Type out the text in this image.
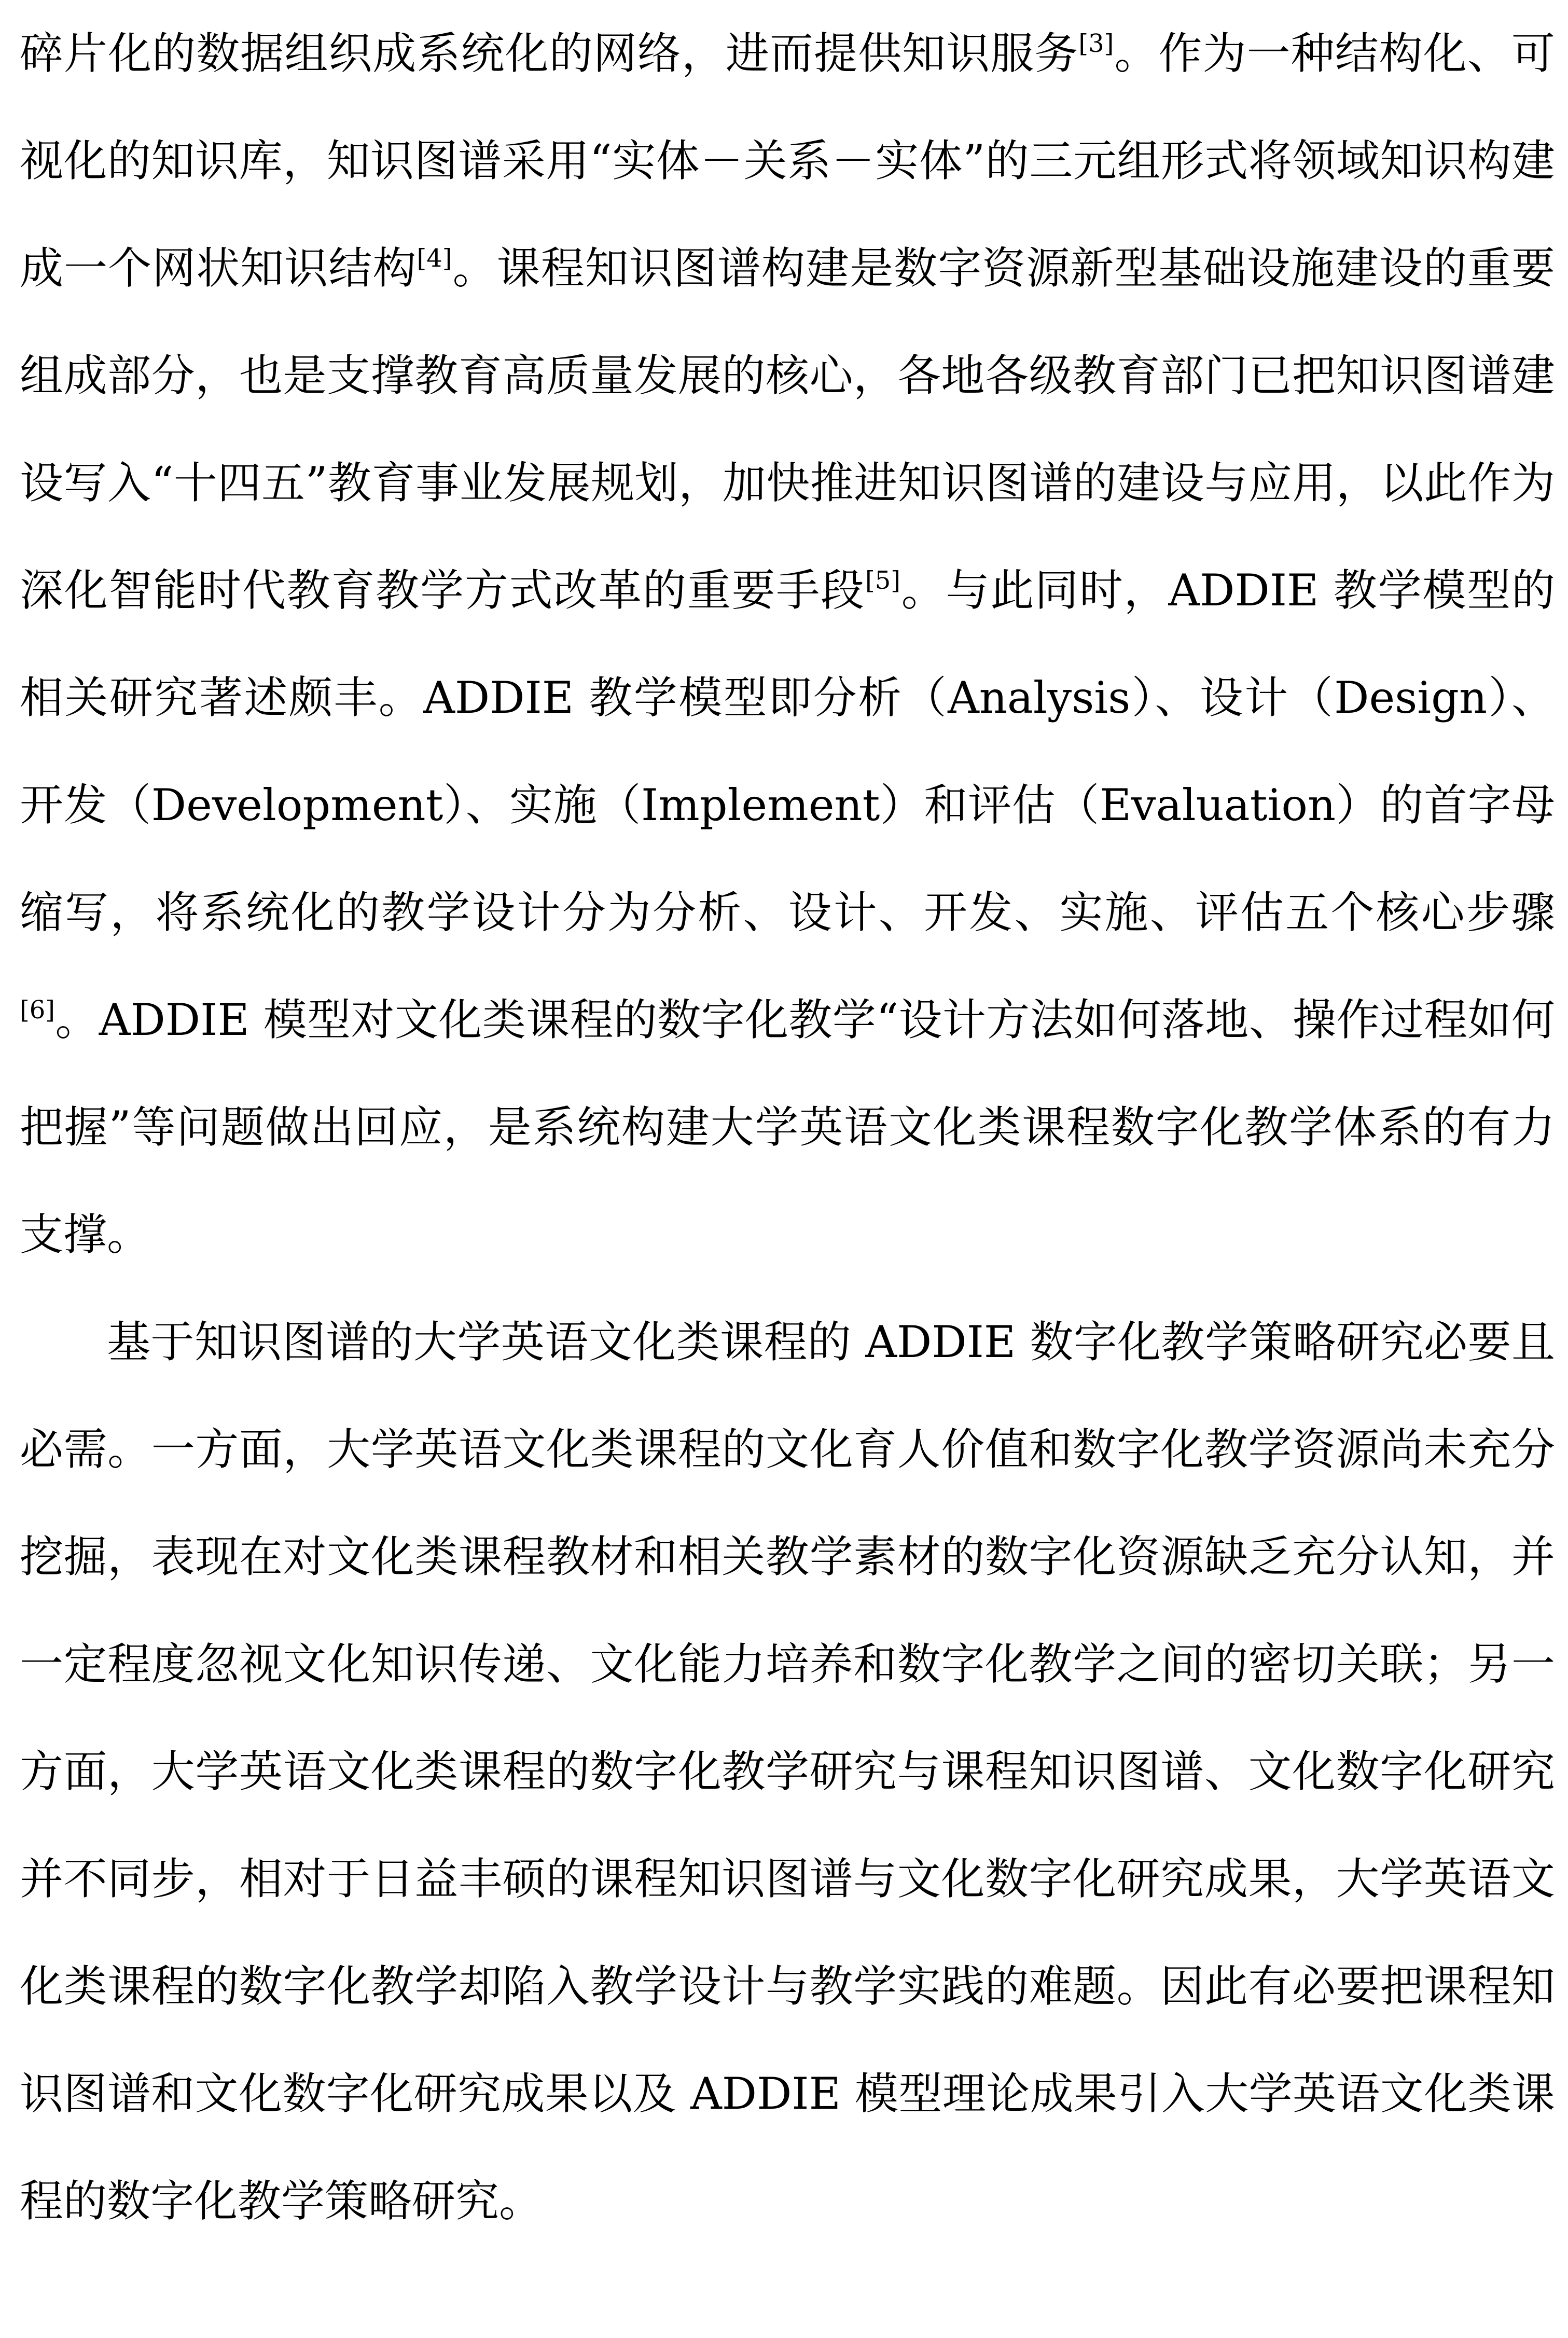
碎片化的数据组织成系统化的网络，进而提供知识服务[3]。作为一种结构化、可视化的知识库，知识图谱采用“实体－关系－实体”的三元组形式将领域知识构建成一个网状知识结构[4]。课程知识图谱构建是数字资源新型基础设施建设的重要组成部分，也是支撑教育高质量发展的核心，各地各级教育部门已把知识图谱建设写入“十四五”教育事业发展规划，加快推进知识图谱的建设与应用，以此作为深化智能时代教育教学方式改革的重要手段[5]。与此同时，ADDIE 教学模型的相关研究著述颇丰。ADDIE 教学模型即分析（Analysis）、设计（Design）、开发（Development）、实施（Implement）和评估（Evaluation）的首字母缩写，将系统化的教学设计分为分析、设计、开发、实施、评估五个核心步骤[6]。ADDIE 模型对文化类课程的数字化教学“设计方法如何落地、操作过程如何把握”等问题做出回应，是系统构建大学英语文化类课程数字化教学体系的有力支撑。

基于知识图谱的大学英语文化类课程的 ADDIE 数字化教学策略研究必要且必需。一方面，大学英语文化类课程的文化育人价值和数字化教学资源尚未充分挖掘，表现在对文化类课程教材和相关教学素材的数字化资源缺乏充分认知，并一定程度忽视文化知识传递、文化能力培养和数字化教学之间的密切关联；另一方面，大学英语文化类课程的数字化教学研究与课程知识图谱、文化数字化研究并不同步，相对于日益丰硕的课程知识图谱与文化数字化研究成果，大学英语文化类课程的数字化教学却陷入教学设计与教学实践的难题。因此有必要把课程知识图谱和文化数字化研究成果以及 ADDIE 模型理论成果引入大学英语文化类课程的数字化教学策略研究。
